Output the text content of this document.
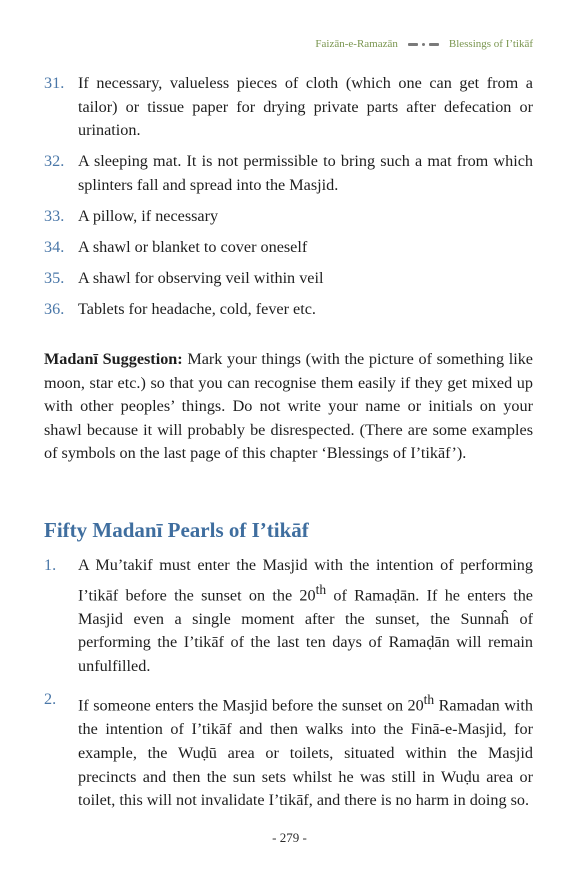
Faizān-e-Ramazān	Blessings of I’tikāf
31. If necessary, valueless pieces of cloth (which one can get from a tailor) or tissue paper for drying private parts after defecation or urination.
32. A sleeping mat. It is not permissible to bring such a mat from which splinters fall and spread into the Masjid.
33. A pillow, if necessary
34. A shawl or blanket to cover oneself
35. A shawl for observing veil within veil
36. Tablets for headache, cold, fever etc.

Madanī Suggestion: Mark your things (with the picture of something like moon, star etc.) so that you can recognise them easily if they get mixed up with other peoples’ things. Do not write your name or initials on your shawl because it will probably be disrespected. (There are some examples of symbols on the last page of this chapter ‘Blessings of I’tikāf’).

Fifty Madanī Pearls of I’tikāf
1.	A Mu’takif must enter the Masjid with the intention of performing I’tikāf before the sunset on the 20th of Ramaḍān. If he enters the Masjid even a single moment after the sunset, the Sunnaĥ of performing the I’tikāf of the last ten days of Ramaḍān will remain unfulfilled.
2.	If someone enters the Masjid before the sunset on 20th Ramadan with the intention of I’tikāf and then walks into the Finā-e-Masjid, for example, the Wuḍū area or toilets, situated within the Masjid precincts and then the sun sets whilst he was still in Wuḍu area or toilet, this will not invalidate I’tikāf, and there is no harm in doing so.
- 279 -
